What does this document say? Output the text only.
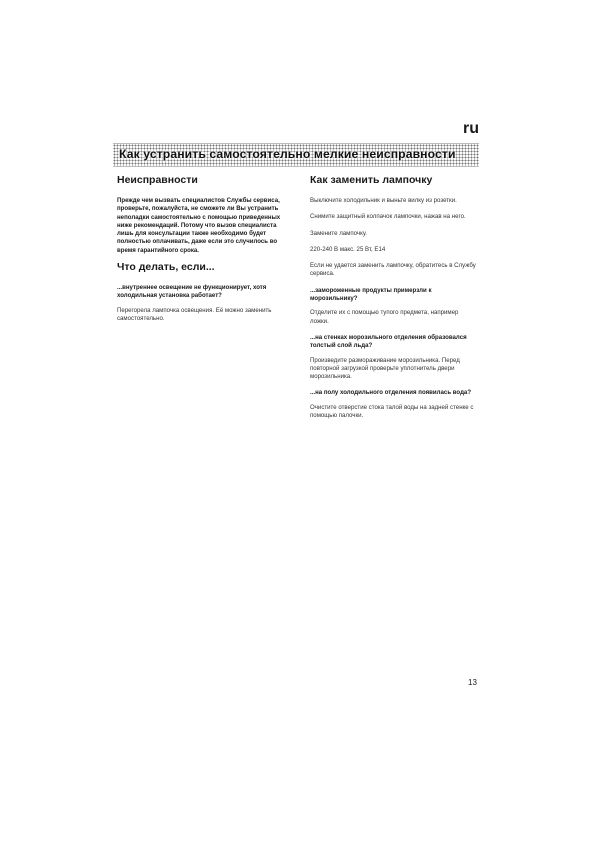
ru
Как устранить самостоятельно мелкие неисправности
Неисправности

Прежде чем вызвать специалистов Службы сервиса, проверьте, пожалуйста, не сможете ли Вы устранить неполадки самостоятельно с помощью приведенных ниже рекомендаций. Потому что вызов специалиста лишь для консультации также необходимо будет полностью оплачивать, даже если это случилось во время гарантийного срока.

Что делать, если...

...внутреннее освещение не функционирует, хотя холодильная установка работает?

Перегорела лампочка освещения. Её можно заменить самостоятельно.

Как заменить лампочку

Выключите холодильник и выньте вилку из розетки.

Снимите защитный колпачок лампочки, нажав на него.

Замените лампочку.

220-240 В макс. 25 Вт, E14

Если не удается заменить лампочку, обратитесь в Службу сервиса.

...замороженные продукты примерзли к морозильнику?

Отделите их с помощью тупого предмета, например ложки.

...на стенках морозильного отделения образовался толстый слой льда?

Произведите размораживание морозильника. Перед повторной загрузкой проверьте уплотнитель двери морозильника.

...на полу холодильного отделения появилась вода?

Очистите отверстие стока талой воды на задней стенке с помощью палочки.

13
